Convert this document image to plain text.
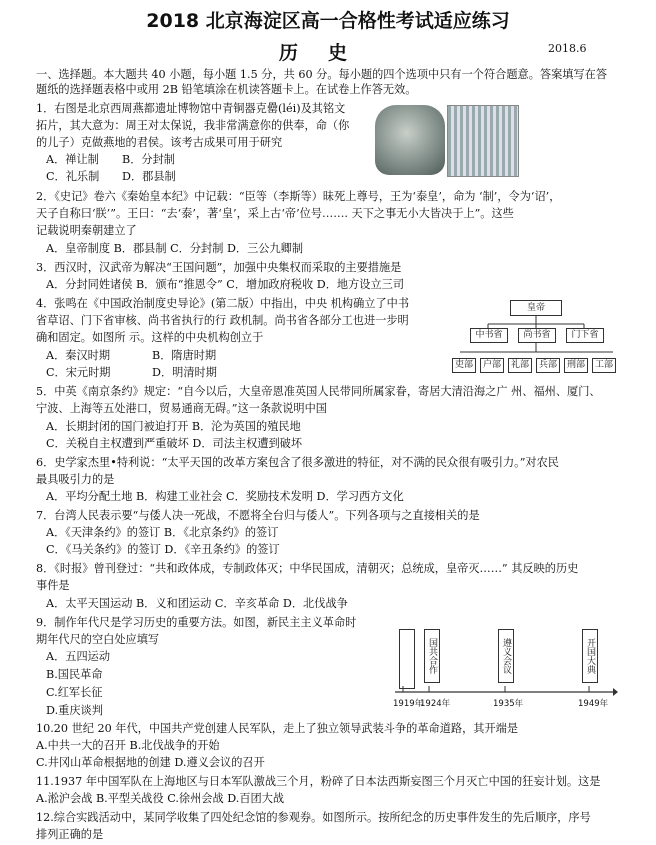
2018 北京海淀区高一合格性考试适应练习
历史	2018.6
一、选择题。本大题共 40 小题，每小题 1.5 分，共 60 分。每小题的四个选项中只有一个符合题意。答案填写在答
题纸的选择题表格中或用 2B 铅笔填涂在机读答题卡上。在试卷上作答无效。
1．右图是北京西周燕都遗址博物馆中青铜器克罍(léi)及其铭文
拓片，其大意为：周王对太保说，我非常满意你的供奉，命（你
的儿子）克做燕地的君侯。该考古成果可用于研究
A．禅让制 B．分封制
C．礼乐制 D．郡县制
2．《史记》卷六《秦始皇本纪》中记载：“臣等（李斯等）昧死上尊号，王为‘泰皇’，命为 ‘制’，令为‘诏’，
天子自称曰‘朕’”。王曰：“去‘泰’，著‘皇’，采上古‘帝’位号……. 天下之事无小大皆决于上”。这些
记载说明秦朝建立了
A．皇帝制度 B．郡县制 C．分封制 D．三公九卿制
3．西汉时，汉武帝为解决“王国问题”，加强中央集权而采取的主要措施是
A．分封同姓诸侯 B．颁布“推恩令” C．增加政府税收 D．地方设立三司
4．张鸣在《中国政治制度史导论》(第二版）中指出，中央 机构确立了中书
省草诏、门下省审核、尚书省执行的行 政机制。尚书省各部分工也进一步明
确和固定。如图所 示。这样的中央机构创立于
A．秦汉时期	B．隋唐时期
C．宋元时期	D．明清时期
皇帝
中书省	尚书省	门下省
吏部	户部	礼部	兵部	刑部	工部
5．中英《南京条约》规定：“自今以后，大皇帝恩准英国人民带同所属家眷，寄居大清沿海之广 州、福州、厦门、
宁波、上海等五处港口，贸易通商无碍。”这一条款说明中国
A．长期封闭的国门被迫打开 B．沦为英国的殖民地
C．关税自主权遭到严重破坏 D．司法主权遭到破坏
6．史学家杰里•特利说：“太平天国的改革方案包含了很多激进的特征，对不满的民众很有吸引力。”对农民
最具吸引力的是
A．平均分配土地 B．构建工业社会 C．奖励技术发明 D．学习西方文化
7．台湾人民表示要“与倭人决一死战，不愿将全台归与倭人”。下列各项与之直接相关的是
A．《天津条约》的签订 B．《北京条约》的签订
C．《马关条约》的签订 D．《辛丑条约》的签订
8．《时报》曾刊登过：“共和政体成，专制政体灭；中华民国成，清朝灭；总统成，皇帝灭……” 其反映的历史
事件是
A．太平天国运动 B．义和团运动 C．辛亥革命 D．北伐战争
9．制作年代尺是学习历史的重要方法。如图，新民主主义革命时
期年代尺的空白处应填写
A．五四运动
B.国民革命
C.红军长征
D.重庆谈判
国共合作	遵义会议	开国大典
1919年
1924年	1935年	1949年
10.20 世纪 20 年代，中国共产党创建人民军队，走上了独立领导武装斗争的革命道路，其开端是
A.中共一大的召开 B.北伐战争的开始
C.井冈山革命根据地的创建 D.遵义会议的召开
11.1937 年中国军队在上海地区与日本军队激战三个月，粉碎了日本法西斯妄图三个月灭亡中国的狂妄计划。这是
A.淞沪会战 B.平型关战役 C.徐州会战 D.百团大战
12.综合实践活动中，某同学收集了四处纪念馆的参观券。如图所示。按所纪念的历史事件发生的先后顺序，序号
排列正确的是
